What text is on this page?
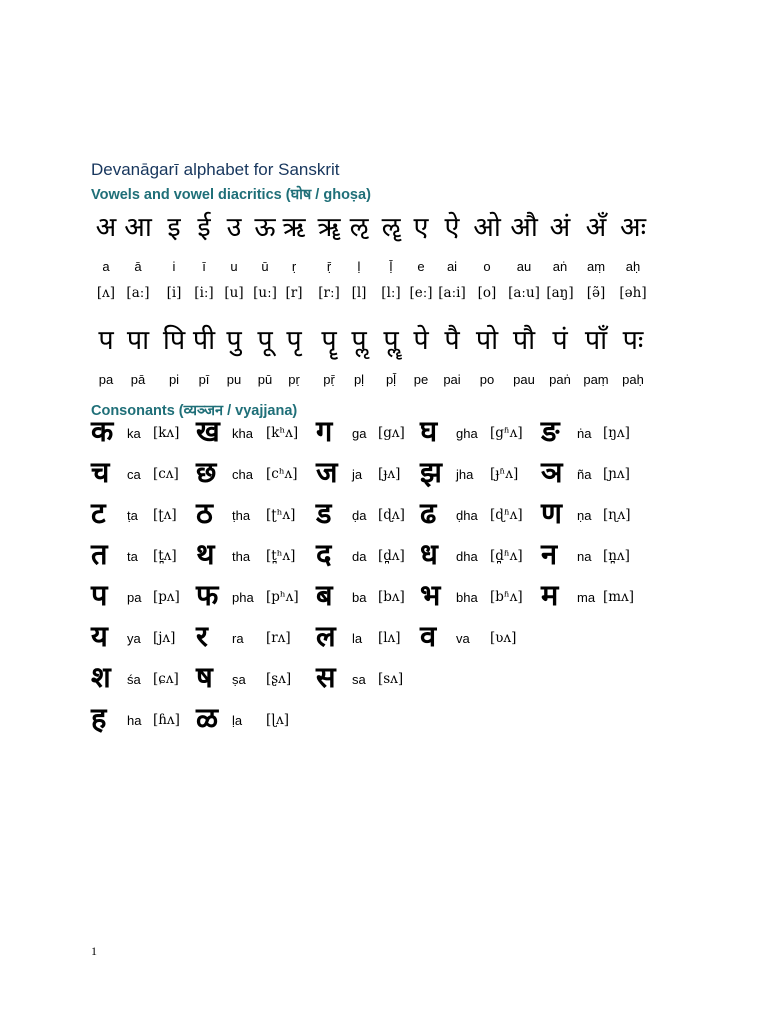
Devanāgarī alphabet for Sanskrit
Vowels and vowel diacritics (घोष / ghoṣa)
अ आ इ ई उ ऊ ऋ ॠ ऌ ॡ ए ऐ ओ औ अं अँ अः
a	ā	i	ī	u	ū	ṛ	ṝ	ḷ	ḹ	e	ai	o	au	aṅ	aṃ	aḥ
[ʌ] [aː]	[i] [iː] [u] [uː] [r]	[rː] [l]	[lː] [eː] [aːi] [o] [aːu] [aŋ] [ə̃]	[əh]
प पा पि पी पु पू पृ पॄ पॢ पॣ पे पै पो पौ पं पाँ पः
pa	pā	pi	pī	pu	pū	pṛ	pṝ	pḷ	pḹ	pe	pai	po	pau	paṅ paṃ	paḥ
Consonants (व्यञ्जन / vyajjana)
क ka [kʌ] ख kha [kʰʌ] ग ga [gʌ] घ gha [gʱʌ] ङ ṅa [ŋʌ]
च ca [cʌ] छ cha [cʰʌ] ज ja [ɟʌ] झ jha [ɟʱʌ] ञ ña [ɲʌ]
ट ṭa [ʈʌ] ठ ṭha [ʈʰʌ] ड ḍa [ɖʌ] ढ ḍha [ɖʱʌ] ण ṇa [ɳʌ]
त ta [t̪ʌ] थ tha [t̪ʰʌ] द da [d̪ʌ] ध dha [d̪ʱʌ] न na [n̪ʌ]
प pa [pʌ] फ pha [pʰʌ] ब ba [bʌ] भ bha [bʱʌ] म ma [mʌ]
य ya [jʌ] र ra [rʌ] ल la [lʌ] व va [ʋʌ]
श śa [ɕʌ] ष ṣa [ʂʌ] स sa [sʌ]
ह ha [ɦʌ] ळ ḷa [ɭʌ]
1
